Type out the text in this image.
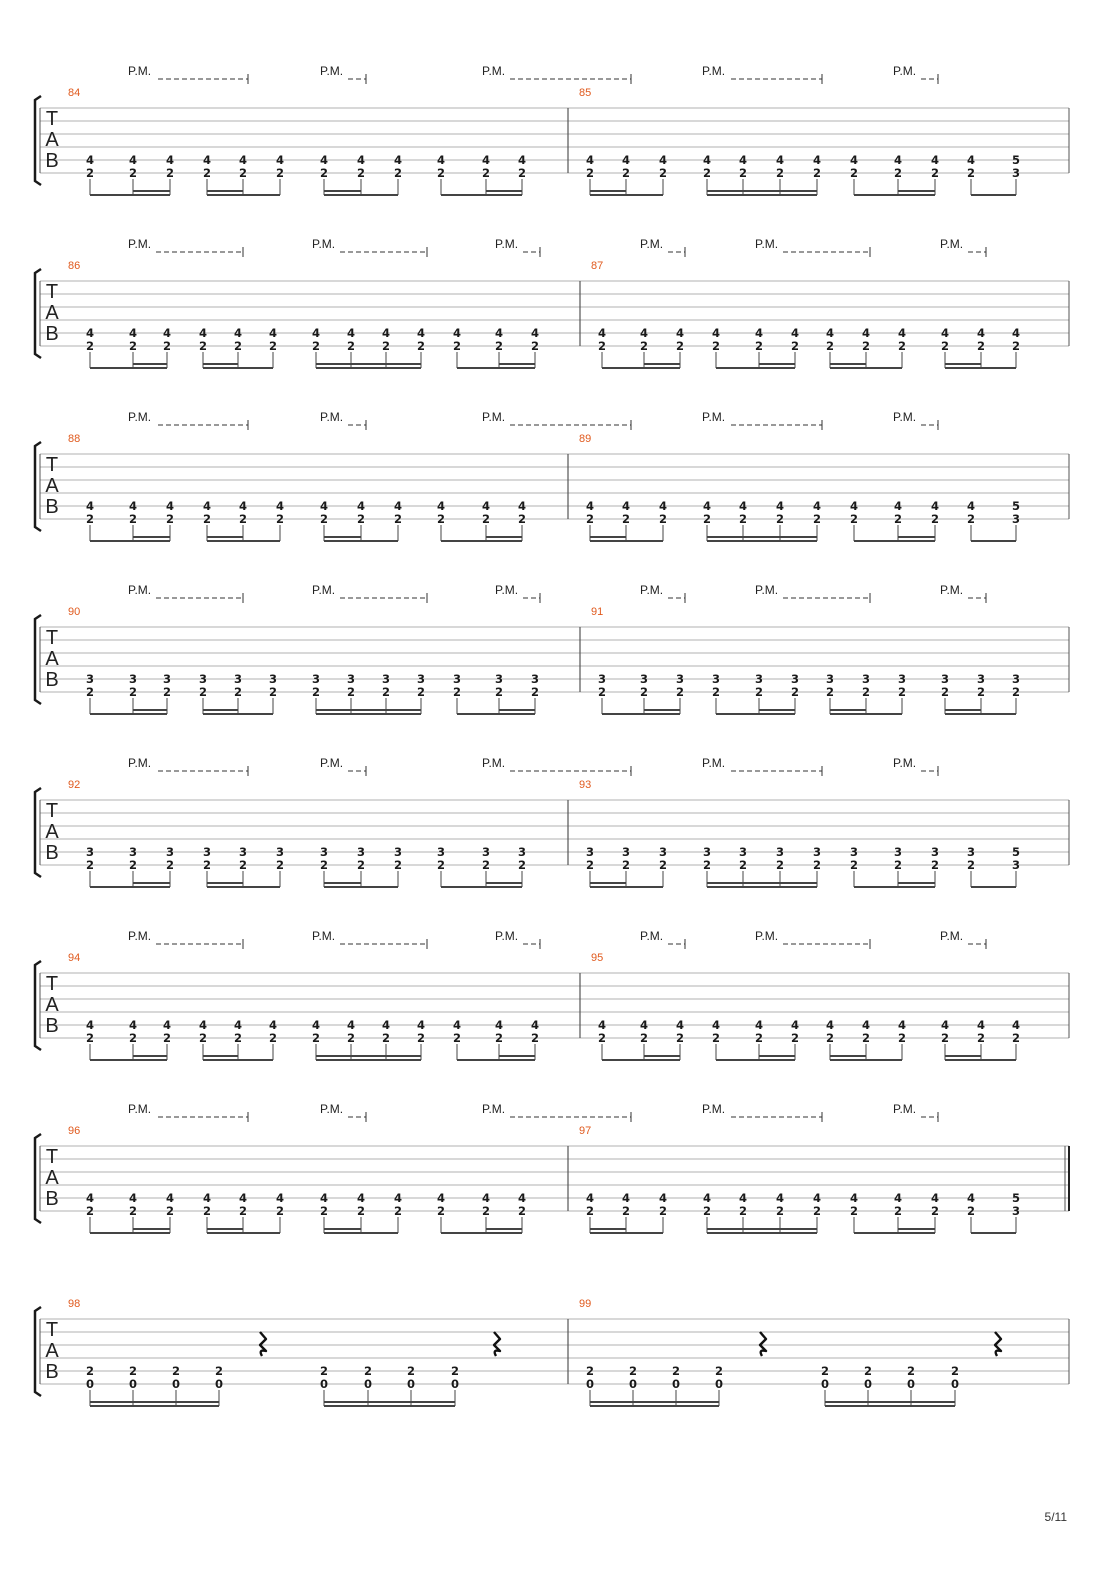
T
A
B
84	85
P.M.	P.M.	P.M.	P.M.	P.M.
4
2
4
2
4
2
4
2
4
2
4
2
4
2
4
2
4
2
4
2
4
2
4
2
4
2
4
2
4
2
4
2
4
2
4
2
4
2
4
2
4
2
4
2
4
2
5
3
T
A
B
86	87
P.M.	P.M.	P.M.	P.M.	P.M.	P.M.
4
2
4
2
4
2
4
2
4
2
4
2
4
2
4
2
4
2
4
2
4
2
4
2
4
2
4
2
4
2
4
2
4
2
4
2
4
2
4
2
4
2
4
2
4
2
4
2
4
2
T
A
B
88	89
P.M.	P.M.	P.M.	P.M.	P.M.
4
2
4
2
4
2
4
2
4
2
4
2
4
2
4
2
4
2
4
2
4
2
4
2
4
2
4
2
4
2
4
2
4
2
4
2
4
2
4
2
4
2
4
2
4
2
5
3
T
A
B
90	91
P.M.	P.M.	P.M.	P.M.	P.M.	P.M.
3
2
3
2
3
2
3
2
3
2
3
2
3
2
3
2
3
2
3
2
3
2
3
2
3
2
3
2
3
2
3
2
3
2
3
2
3
2
3
2
3
2
3
2
3
2
3
2
3
2
T
A
B
92	93
P.M.	P.M.	P.M.	P.M.	P.M.
3
2
3
2
3
2
3
2
3
2
3
2
3
2
3
2
3
2
3
2
3
2
3
2
3
2
3
2
3
2
3
2
3
2
3
2
3
2
3
2
3
2
3
2
3
2
5
3
T
A
B
94	95
P.M.	P.M.	P.M.	P.M.	P.M.	P.M.
4
2
4
2
4
2
4
2
4
2
4
2
4
2
4
2
4
2
4
2
4
2
4
2
4
2
4
2
4
2
4
2
4
2
4
2
4
2
4
2
4
2
4
2
4
2
4
2
4
2
T
A
B
96	97
P.M.	P.M.	P.M.	P.M.	P.M.
4
2
4
2
4
2
4
2
4
2
4
2
4
2
4
2
4
2
4
2
4
2
4
2
4
2
4
2
4
2
4
2
4
2
4
2
4
2
4
2
4
2
4
2
4
2
5
3
T
A
B
98	99
2
0
2
0
2
0
2
0
2
0
2
0
2
0
2
0
2
0
2
0
2
0
2
0
2
0
2
0
2
0
2
0
5/11
